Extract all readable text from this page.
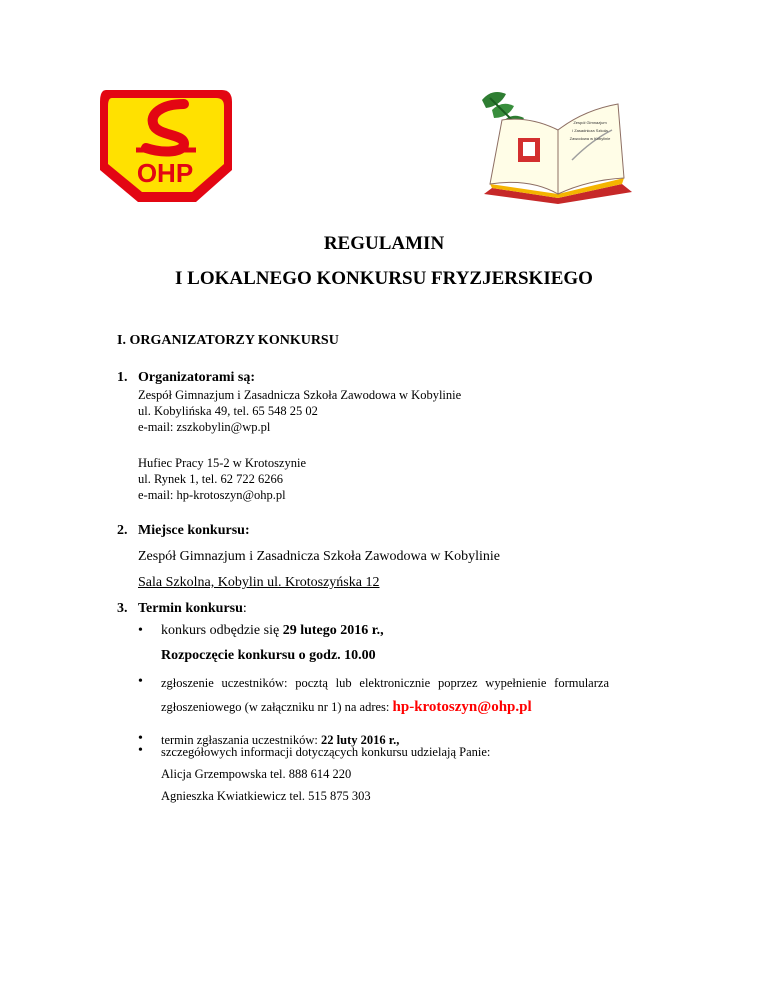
OHP
Zespół Gimnazjum
i Zasadnicza Szkoła
Zawodowa w Kobylinie
REGULAMIN
I LOKALNEGO KONKURSU FRYZJERSKIEGO
I. ORGANIZATORZY KONKURSU
1. Organizatorami są:
Zespół Gimnazjum i Zasadnicza Szkoła Zawodowa w Kobylinie
ul. Kobylińska 49, tel. 65 548 25 02
e-mail: zszkobylin@wp.pl
Hufiec Pracy 15-2 w Krotoszynie
ul. Rynek 1, tel. 62 722 6266
e-mail: hp-krotoszyn@ohp.pl
2. Miejsce konkursu:
Zespół Gimnazjum i Zasadnicza Szkoła Zawodowa w Kobylinie
Sala Szkolna, Kobylin ul. Krotoszyńska 12
3. Termin konkursu:
• konkurs odbędzie się 29 lutego 2016 r.,
Rozpoczęcie konkursu o godz. 10.00
• zgłoszenie uczestników: pocztą lub elektronicznie poprzez wypełnienie formularza
zgłoszeniowego (w załączniku nr 1) na adres: hp-krotoszyn@ohp.pl
• termin zgłaszania uczestników: 22 luty 2016 r.,
• szczegółowych informacji dotyczących konkursu udzielają Panie:
Alicja Grzempowska tel. 888 614 220
Agnieszka Kwiatkiewicz tel. 515 875 303
